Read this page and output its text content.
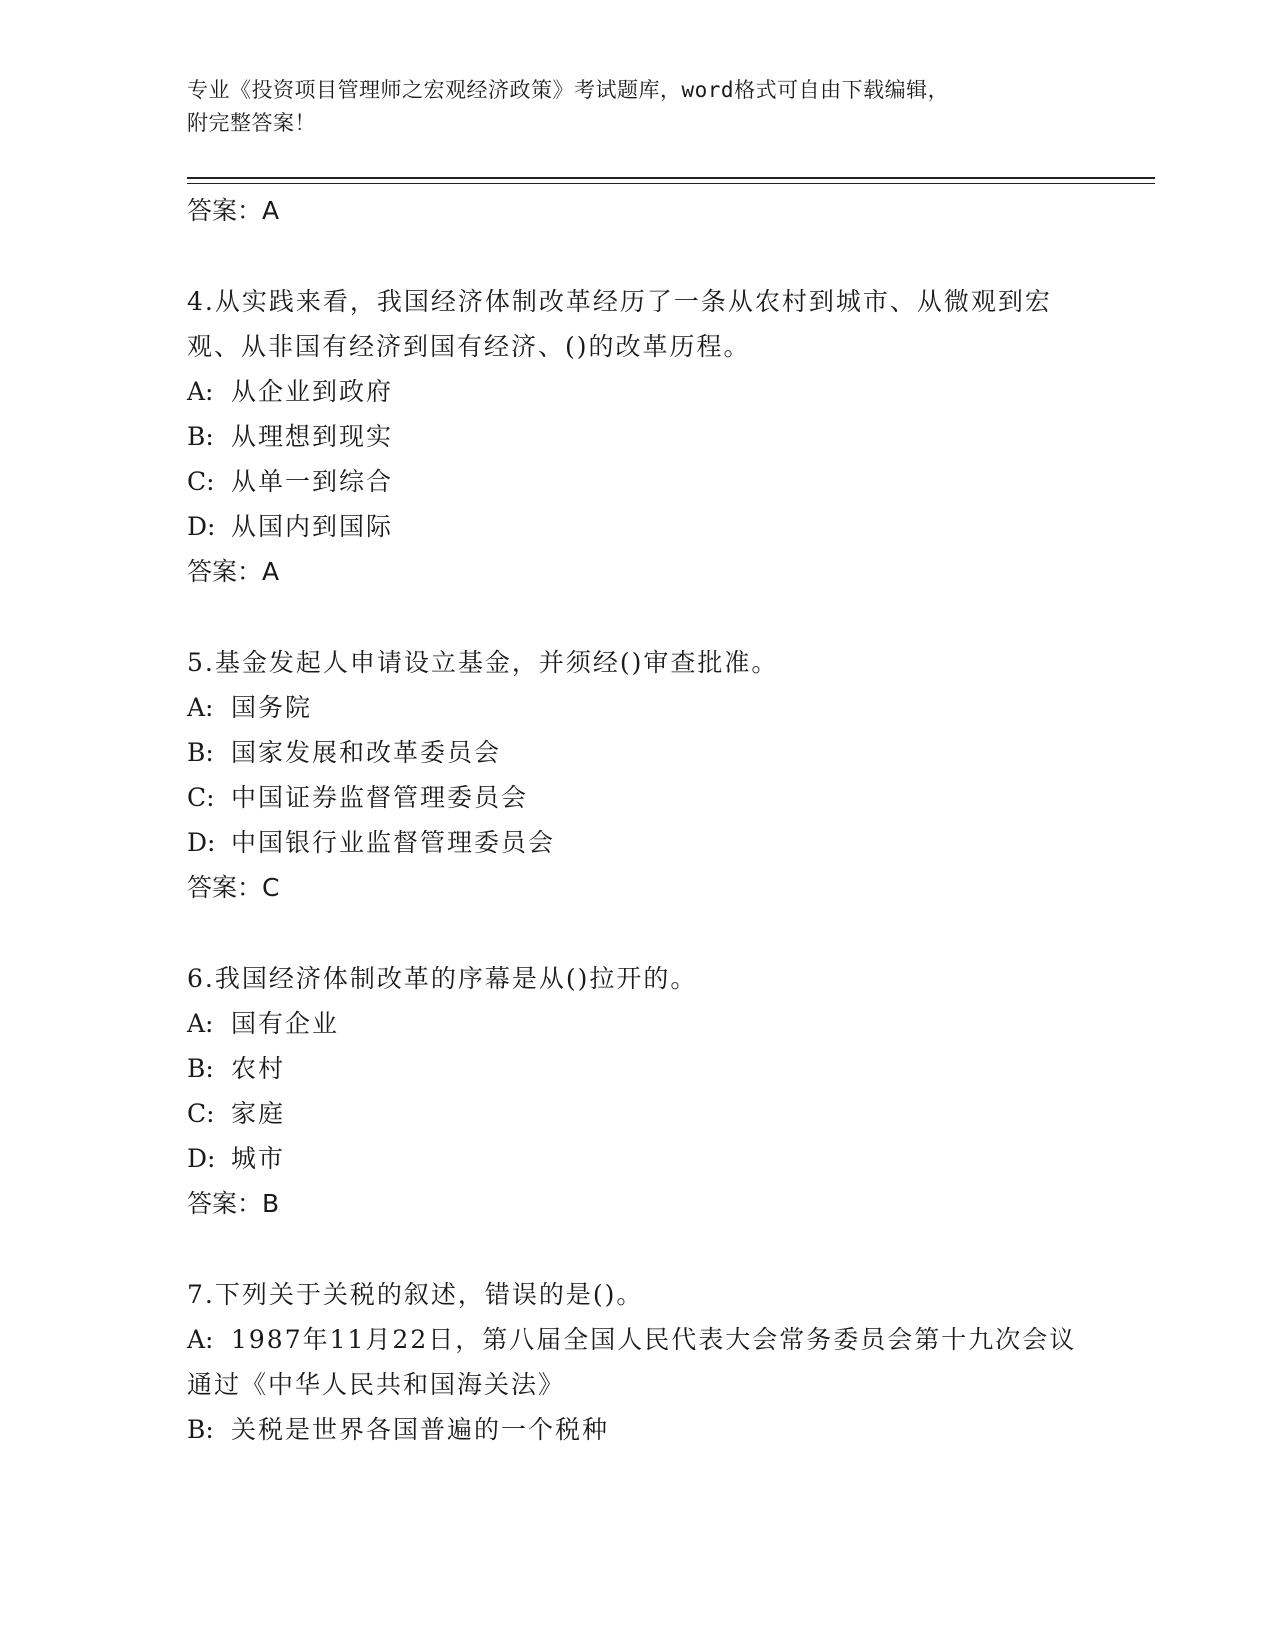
专业《投资项目管理师之宏观经济政策》考试题库，word格式可自由下载编辑，
附完整答案！
答案：A
4.从实践来看，我国经济体制改革经历了一条从农村到城市、从微观到宏观、从非国有经济到国有经济、()的改革历程。
A: 从企业到政府
B: 从理想到现实
C: 从单一到综合
D: 从国内到国际
答案：A
5.基金发起人申请设立基金，并须经()审查批准。
A: 国务院
B: 国家发展和改革委员会
C: 中国证券监督管理委员会
D: 中国银行业监督管理委员会
答案：C
6.我国经济体制改革的序幕是从()拉开的。
A: 国有企业
B: 农村
C: 家庭
D: 城市
答案：B
7.下列关于关税的叙述，错误的是()。
A: 1987年11月22日，第八届全国人民代表大会常务委员会第十九次会议通过《中华人民共和国海关法》
B: 关税是世界各国普遍的一个税种
